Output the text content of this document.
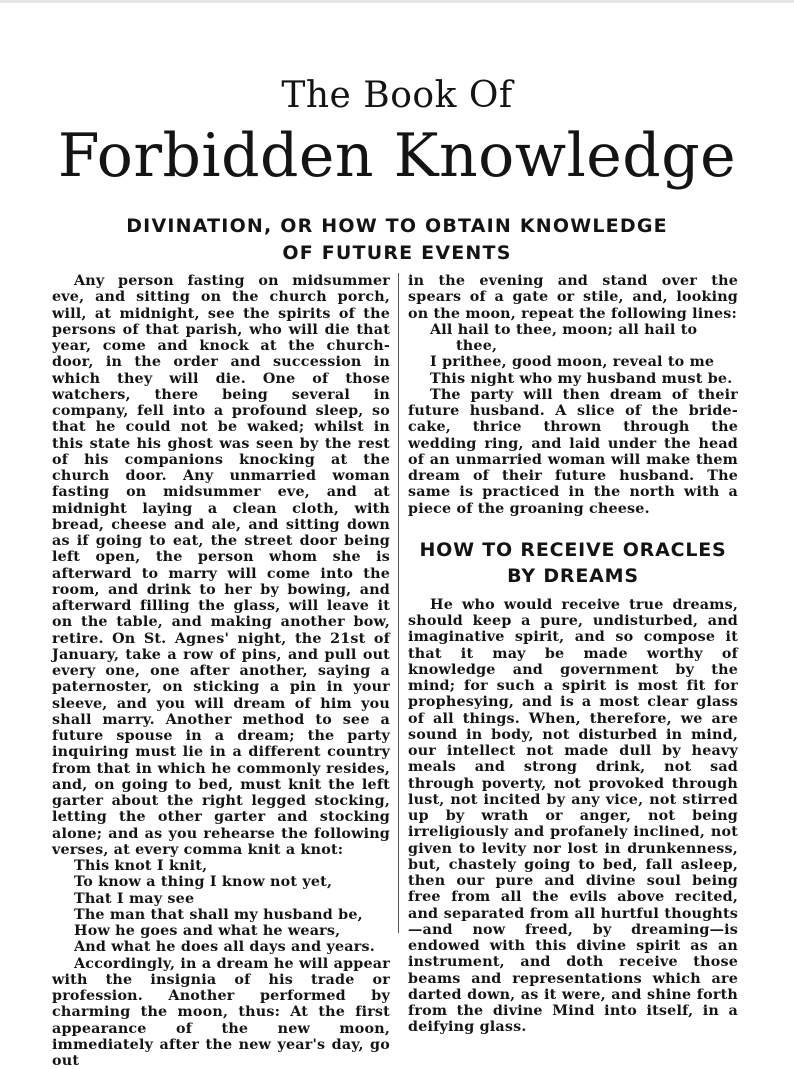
The Book Of
Forbidden Knowledge
DIVINATION, OR HOW TO OBTAIN KNOWLEDGE
OF FUTURE EVENTS

Any person fasting on midsummer eve, and sitting on the church porch, will, at midnight, see the spirits of the persons of that parish, who will die that year, come and knock at the church-door, in the order and succession in which they will die. One of those watchers, there being several in company, fell into a profound sleep, so that he could not be waked; whilst in this state his ghost was seen by the rest of his companions knocking at the church door. Any unmarried woman fasting on midsummer eve, and at midnight laying a clean cloth, with bread, cheese and ale, and sitting down as if going to eat, the street door being left open, the person whom she is afterward to marry will come into the room, and drink to her by bowing, and afterward filling the glass, will leave it on the table, and making another bow, retire. On St. Agnes' night, the 21st of January, take a row of pins, and pull out every one, one after another, saying a paternoster, on sticking a pin in your sleeve, and you will dream of him you shall marry. Another method to see a future spouse in a dream; the party inquiring must lie in a different country from that in which he commonly resides, and, on going to bed, must knit the left garter about the right legged stocking, letting the other garter and stocking alone; and as you rehearse the following verses, at every comma knit a knot:

This knot I knit,
To know a thing I know not yet,
That I may see
The man that shall my husband be,
How he goes and what he wears,
And what he does all days and years.

Accordingly, in a dream he will appear with the insignia of his trade or profession. Another performed by charming the moon, thus: At the first appearance of the new moon, immediately after the new year's day, go out

in the evening and stand over the spears of a gate or stile, and, looking on the moon, repeat the following lines:

All hail to thee, moon; all hail to
thee,
I prithee, good moon, reveal to me
This night who my husband must be.

The party will then dream of their future husband. A slice of the bride-cake, thrice thrown through the wedding ring, and laid under the head of an unmarried woman will make them dream of their future husband. The same is practiced in the north with a piece of the groaning cheese.

HOW TO RECEIVE ORACLES
BY DREAMS

He who would receive true dreams, should keep a pure, undisturbed, and imaginative spirit, and so compose it that it may be made worthy of knowledge and government by the mind; for such a spirit is most fit for prophesying, and is a most clear glass of all things. When, therefore, we are sound in body, not disturbed in mind, our intellect not made dull by heavy meals and strong drink, not sad through poverty, not provoked through lust, not incited by any vice, not stirred up by wrath or anger, not being irreligiously and profanely inclined, not given to levity nor lost in drunkenness, but, chastely going to bed, fall asleep, then our pure and divine soul being free from all the evils above recited, and separated from all hurtful thoughts—and now freed, by dreaming—is endowed with this divine spirit as an instrument, and doth receive those beams and representations which are darted down, as it were, and shine forth from the divine Mind into itself, in a deifying glass.
